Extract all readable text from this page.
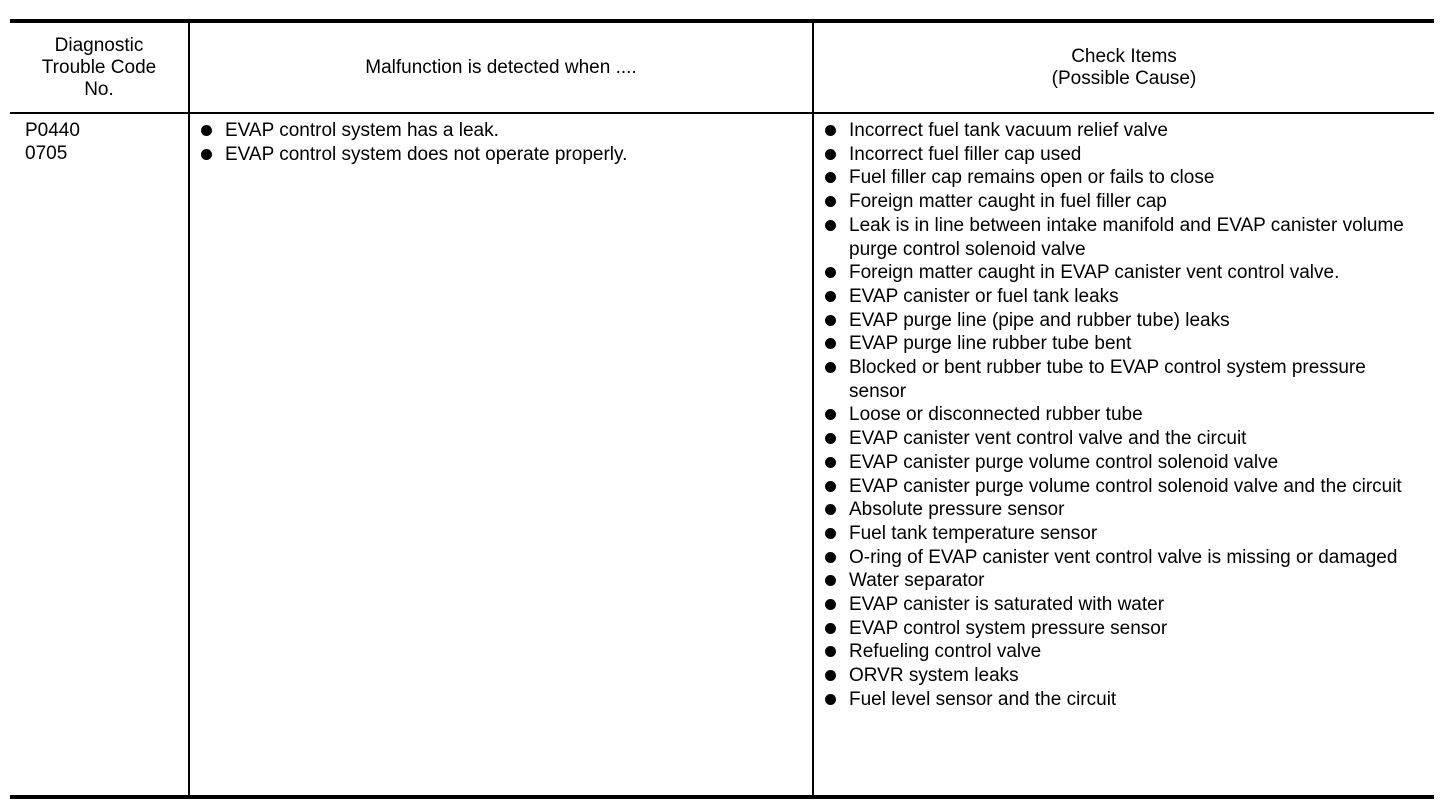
Diagnostic
Trouble Code
No.
Malfunction is detected when ....
Check Items
(Possible Cause)
P0440
0705
EVAP control system has a leak.
EVAP control system does not operate properly.
Incorrect fuel tank vacuum relief valve
Incorrect fuel filler cap used
Fuel filler cap remains open or fails to close
Foreign matter caught in fuel filler cap
Leak is in line between intake manifold and EVAP canister volume purge control solenoid valve
Foreign matter caught in EVAP canister vent control valve.
EVAP canister or fuel tank leaks
EVAP purge line (pipe and rubber tube) leaks
EVAP purge line rubber tube bent
Blocked or bent rubber tube to EVAP control system pressure sensor
Loose or disconnected rubber tube
EVAP canister vent control valve and the circuit
EVAP canister purge volume control solenoid valve
EVAP canister purge volume control solenoid valve and the circuit
Absolute pressure sensor
Fuel tank temperature sensor
O-ring of EVAP canister vent control valve is missing or damaged
Water separator
EVAP canister is saturated with water
EVAP control system pressure sensor
Refueling control valve
ORVR system leaks
Fuel level sensor and the circuit
